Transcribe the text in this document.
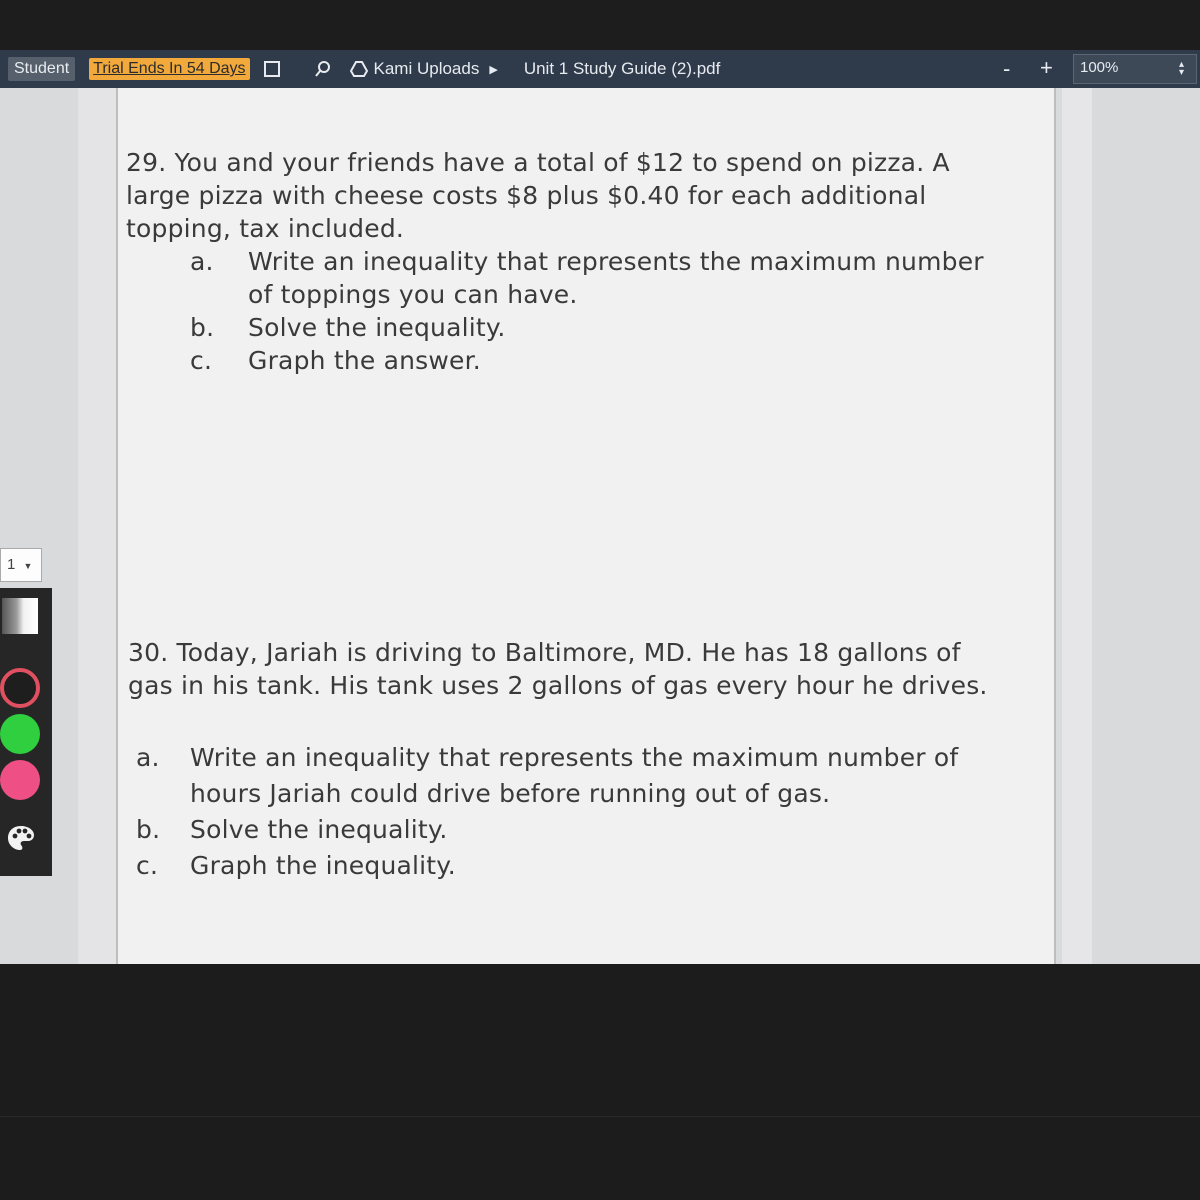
Student	Trial Ends In 54 Days	Kami Uploads ▶ Unit 1 Study Guide (2).pdf	- +	100%	▴
▾
29. You and your friends have a total of $12 to spend on pizza. A
large pizza with cheese costs $8 plus $0.40 for each additional
topping, tax included.
a.	Write an inequality that represents the maximum number
of toppings you can have.
b.	Solve the inequality.
c.	Graph the answer.
30. Today, Jariah is driving to Baltimore, MD. He has 18 gallons of
gas in his tank. His tank uses 2 gallons of gas every hour he drives.
a.	Write an inequality that represents the maximum number of
hours Jariah could drive before running out of gas.
b.	Solve the inequality.
c.	Graph the inequality.
1 ▼
